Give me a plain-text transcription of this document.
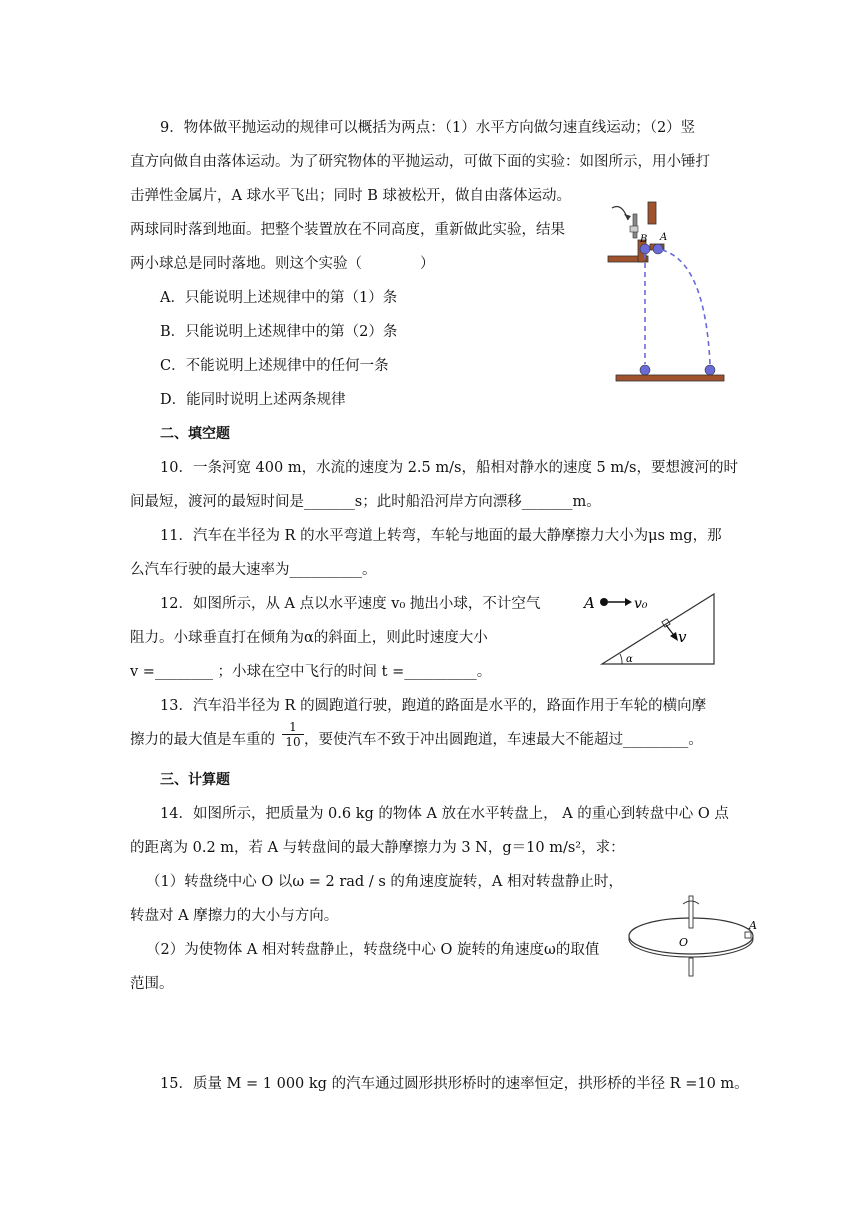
9．物体做平抛运动的规律可以概括为两点：（1）水平方向做匀速直线运动；（2）竖
直方向做自由落体运动。为了研究物体的平抛运动，可做下面的实验：如图所示，用小锤打
击弹性金属片，A 球水平飞出；同时 B 球被松开，做自由落体运动。
两球同时落到地面。把整个装置放在不同高度，重新做此实验，结果
两小球总是同时落地。则这个实验（　　　　）
A．只能说明上述规律中的第（1）条
B．只能说明上述规律中的第（2）条
C．不能说明上述规律中的任何一条
D．能同时说明上述两条规律
B A
二、填空题
10．一条河宽 400 m，水流的速度为 2.5 m/s，船相对静水的速度 5 m/s，要想渡河的时
间最短，渡河的最短时间是_______s；此时船沿河岸方向漂移_______m。
11．汽车在半径为 R 的水平弯道上转弯，车轮与地面的最大静摩擦力大小为μs mg，那
么汽车行驶的最大速率为__________。
12．如图所示，从 A 点以水平速度 v₀ 抛出小球，不计空气
阻力。小球垂直打在倾角为α的斜面上，则此时速度大小
v =________ ；小球在空中飞行的时间 t =__________。
A	v₀
v
α
13．汽车沿半径为 R 的圆跑道行驶，跑道的路面是水平的，路面作用于车轮的横向摩
擦力的最大值是车重的 $\frac{1}{10}$ ，要使汽车不致于冲出圆跑道，车速最大不能超过_________。
三、计算题
14．如图所示，把质量为 0.6 kg 的物体 A 放在水平转盘上， A 的重心到转盘中心 O 点
的距离为 0.2 m，若 A 与转盘间的最大静摩擦力为 3 N，g＝10 m/s²，求：
（1）转盘绕中心 O 以ω = 2 rad / s 的角速度旋转，A 相对转盘静止时，
转盘对 A 摩擦力的大小与方向。
（2）为使物体 A 相对转盘静止，转盘绕中心 O 旋转的角速度ω的取值
范围。
O
A
15．质量 M = 1 000 kg 的汽车通过圆形拱形桥时的速率恒定，拱形桥的半径 R =10 m。
